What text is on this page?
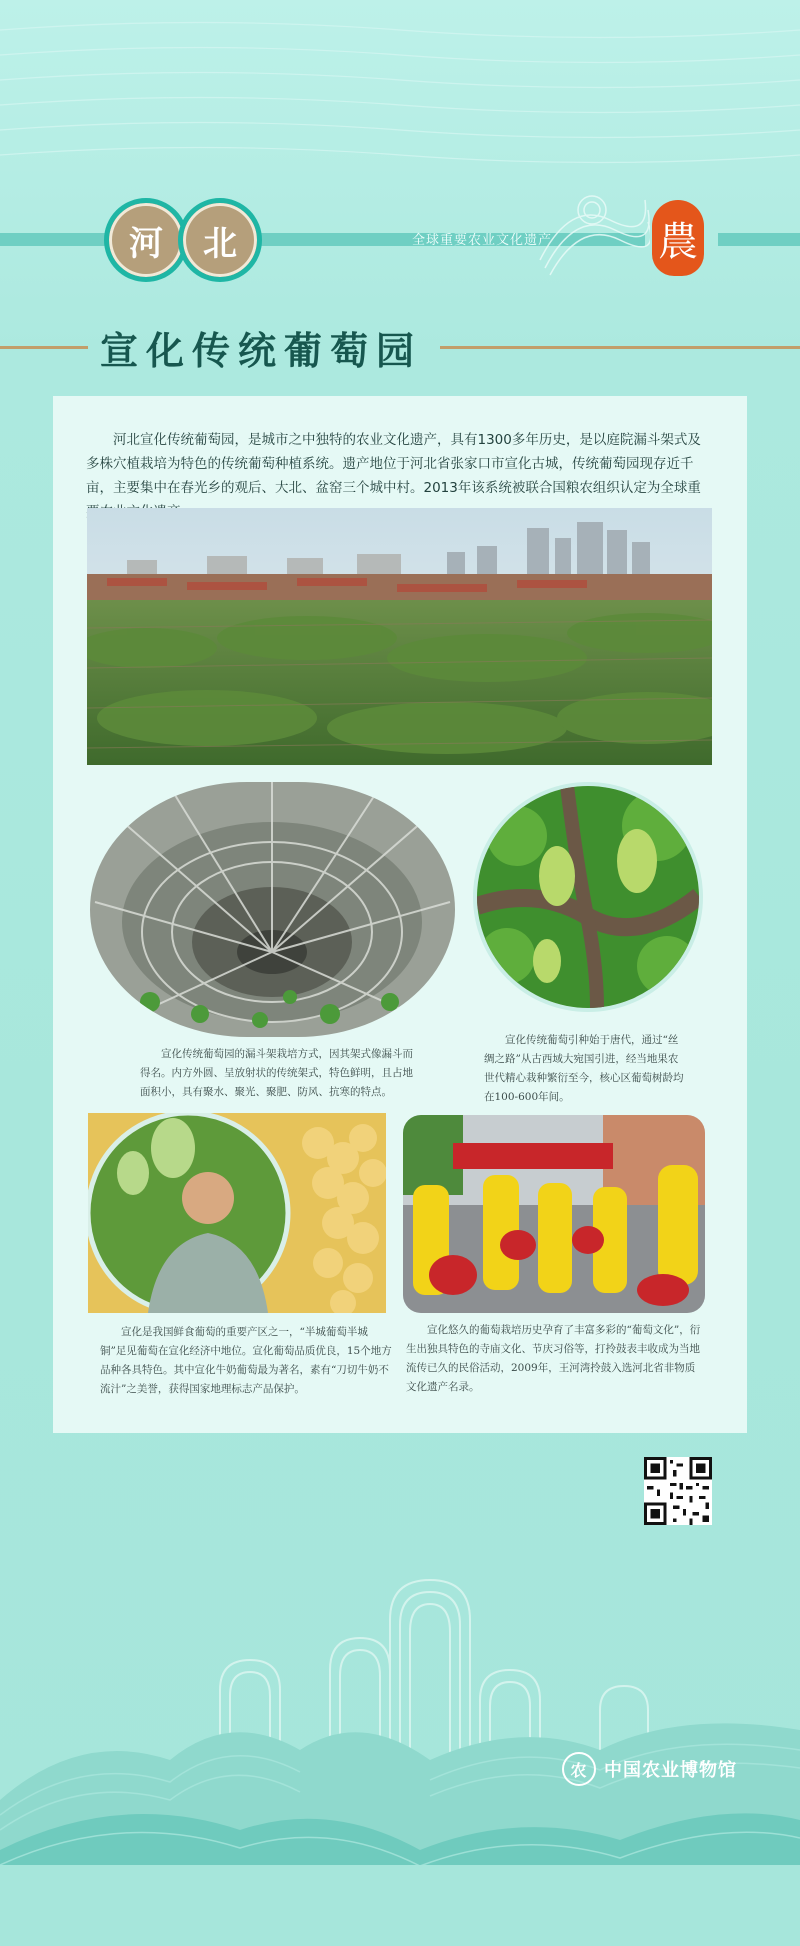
河 北	全球重要农业文化遗产	農
宣化传统葡萄园
河北宣化传统葡萄园，是城市之中独特的农业文化遗产，具有1300多年历史，是以庭院漏斗架式及多株穴植栽培为特色的传统葡萄种植系统。遗产地位于河北省张家口市宣化古城，传统葡萄园现存近千亩，主要集中在春光乡的观后、大北、盆窑三个城中村。2013年该系统被联合国粮农组织认定为全球重
宣化传统葡萄园的漏斗架栽培方式，因其架式像漏斗而得名。内方外圆、呈放射状的传统架式，特色鲜明，且占地面积小，具有聚水、聚光、聚肥、防风、抗寒的特点。
宣化传统葡萄引种始于唐代，通过“丝绸之路”从古西域大宛国引进，经当地果农世代精心栽种繁衍至今，核心区葡萄树龄均在100-600年间。
宣化是我国鲜食葡萄的重要产区之一，“半城葡萄半城铜”足见葡萄在宣化经济中地位。宣化葡萄品质优良，15个地方品种各具特色。其中宣化牛奶葡萄最为著名，素有“刀切牛奶不流汁”之美誉，获得国家地理标志产品保护。
宣化悠久的葡萄栽培历史孕育了丰富多彩的“葡萄文化”，衍生出独具特色的寺庙文化、节庆习俗等，打拎鼓表丰收成为当地流传已久的民俗活动，2009年，王河湾拎鼓入选河北省非物质文化遗产名录。
农 中国农业博物馆
